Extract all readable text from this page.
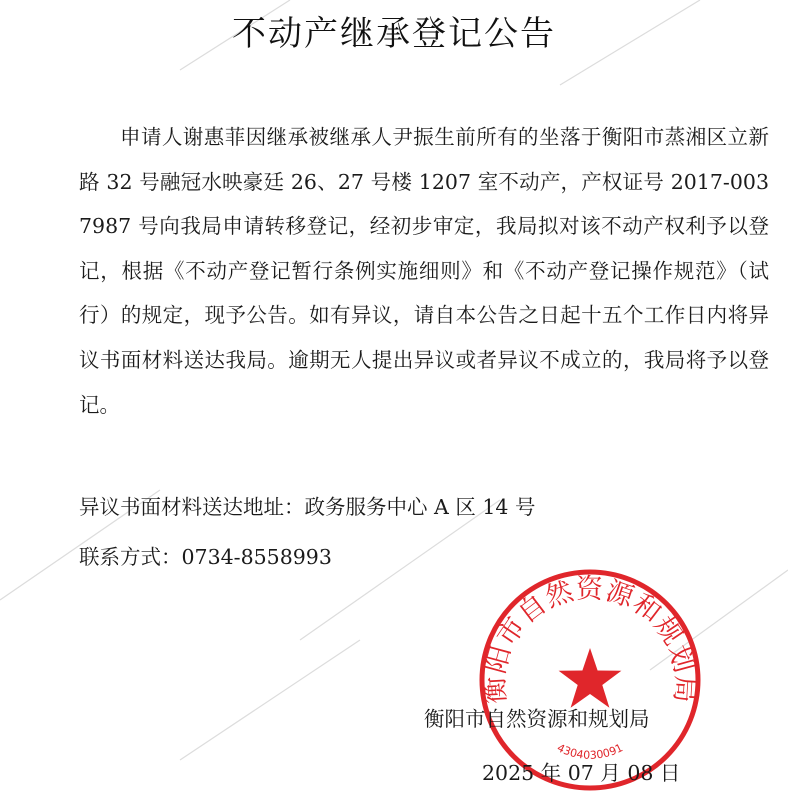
不动产继承登记公告

申请人谢惠菲因继承被继承人尹振生前所有的坐落于衡阳市蒸湘区立新路 32 号融冠水映豪廷 26、27 号楼 1207 室不动产，产权证号 2017-0037987 号向我局申请转移登记，经初步审定，我局拟对该不动产权利予以登记，根据《不动产登记暂行条例实施细则》和《不动产登记操作规范》（试行）的规定，现予公告。如有异议，请自本公告之日起十五个工作日内将异议书面材料送达我局。逾期无人提出异议或者异议不成立的，我局将予以登记。

异议书面材料送达地址：政务服务中心 A 区 14 号

联系方式：0734-8558993

衡阳市自然资源和规划局
4304030091

衡阳市自然资源和规划局

2025 年 07 月 08 日
